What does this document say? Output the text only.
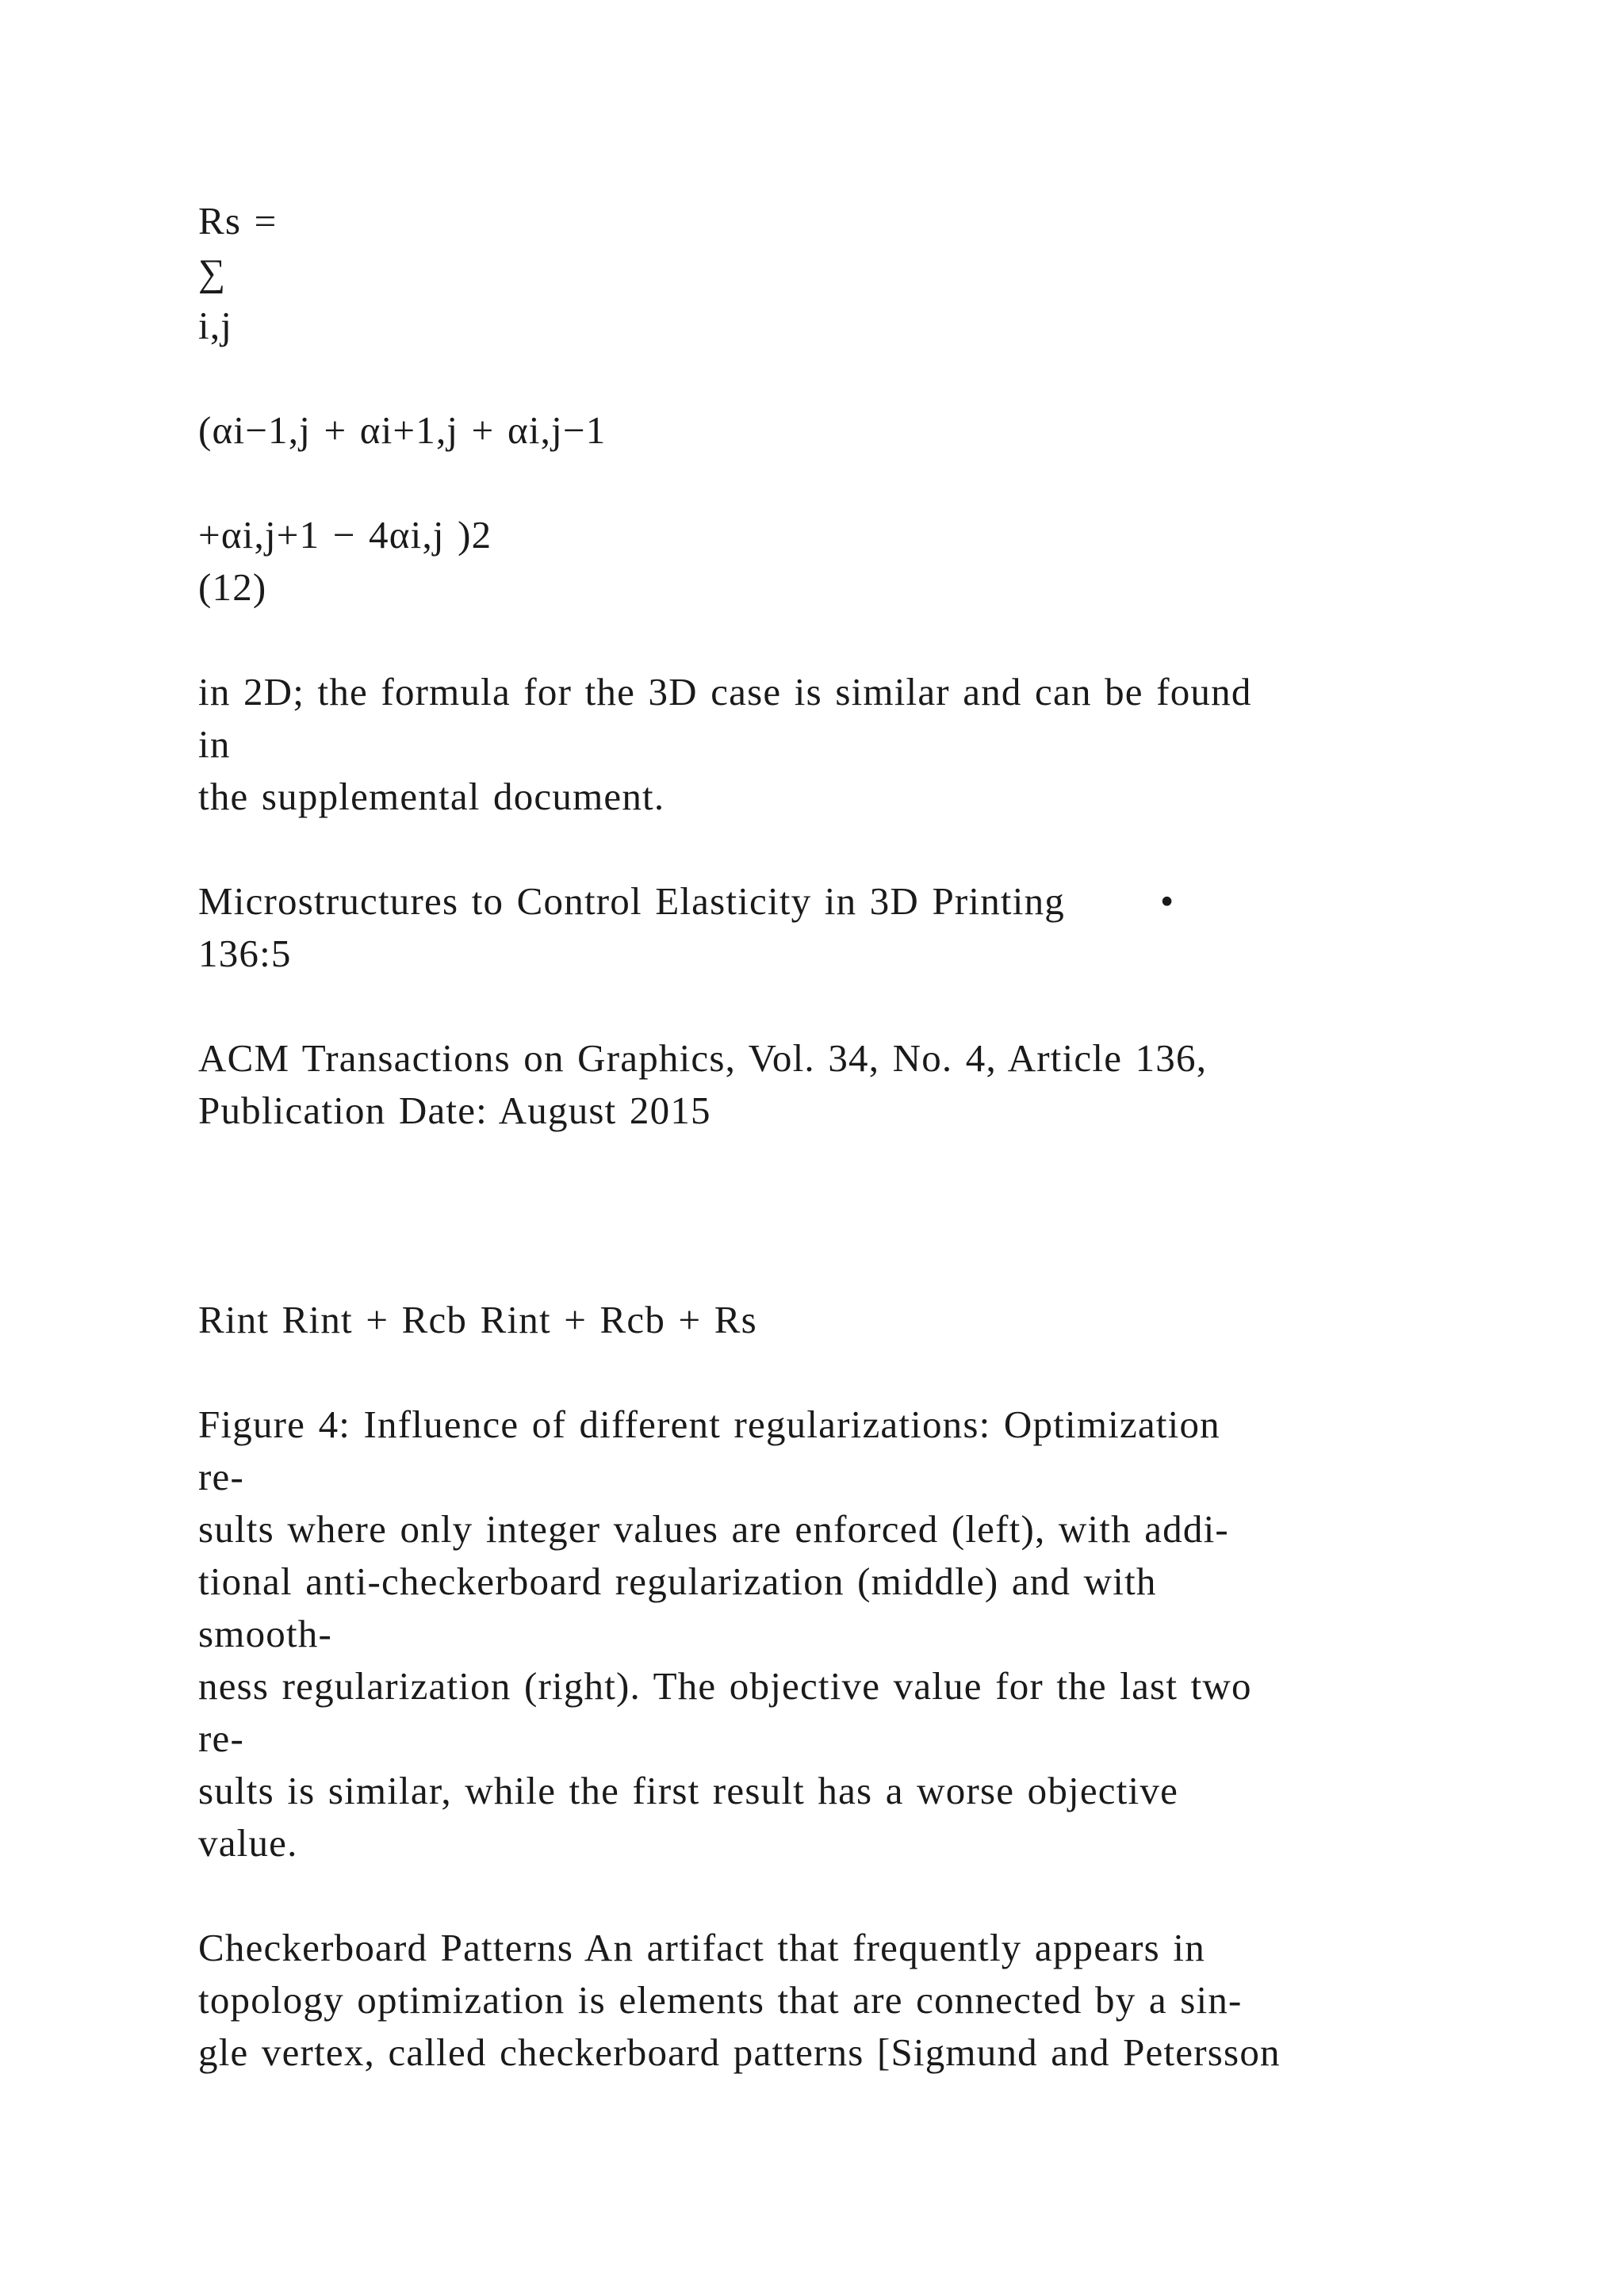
Rs =
∑
i,j
(αi−1,j + αi+1,j + αi,j−1
+αi,j+1 − 4αi,j )2
(12)
in 2D; the formula for the 3D case is similar and can be found
in
the supplemental document.
Microstructures to Control Elasticity in 3D Printing •
136:5
ACM Transactions on Graphics, Vol. 34, No. 4, Article 136,
Publication Date: August 2015
Rint Rint + Rcb Rint + Rcb + Rs
Figure 4: Influence of different regularizations: Optimization
re-
sults where only integer values are enforced (left), with addi-
tional anti-checkerboard regularization (middle) and with
smooth-
ness regularization (right). The objective value for the last two
re-
sults is similar, while the first result has a worse objective
value.
Checkerboard Patterns An artifact that frequently appears in
topology optimization is elements that are connected by a sin-
gle vertex, called checkerboard patterns [Sigmund and Petersson
